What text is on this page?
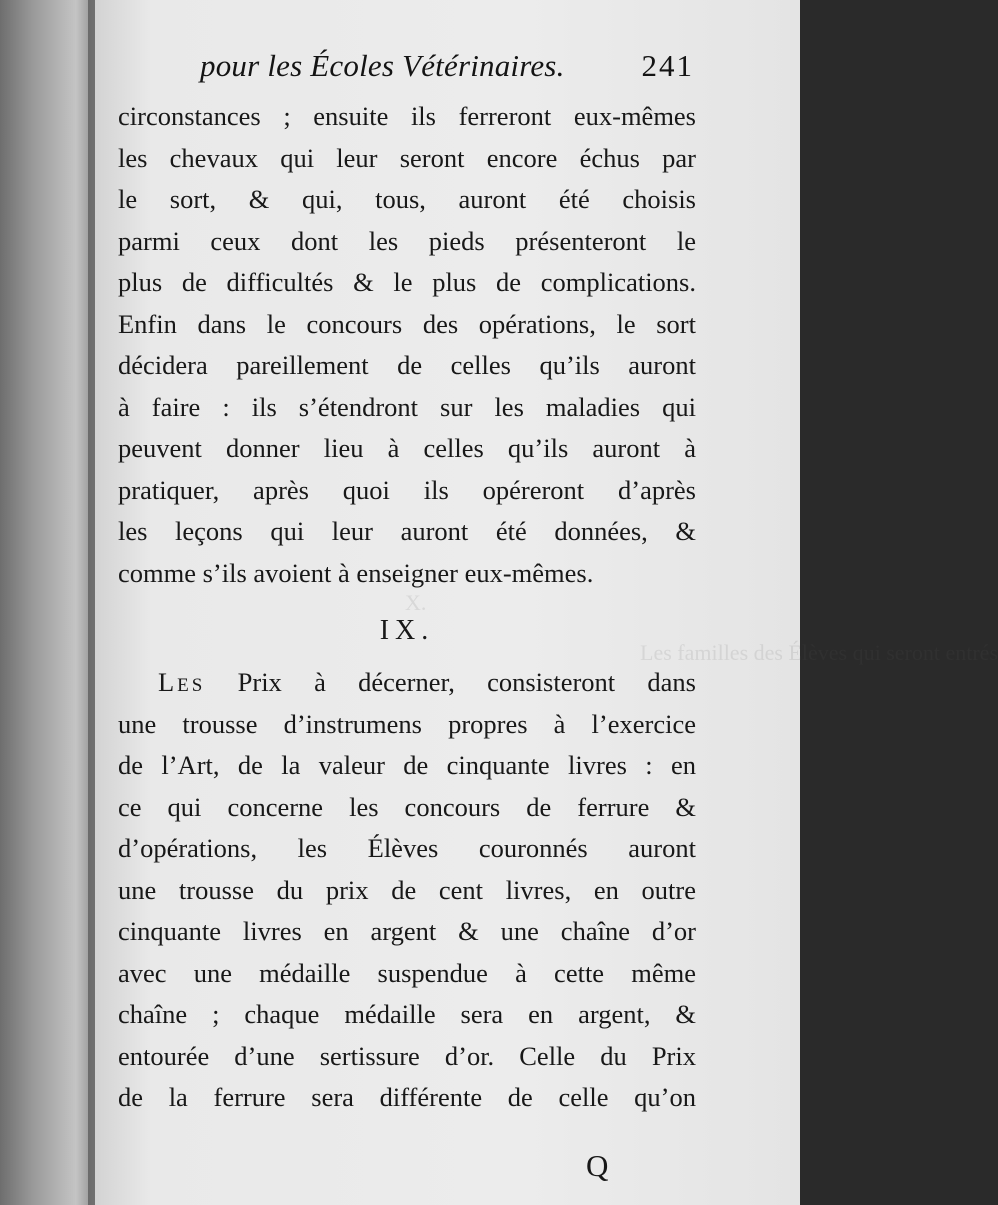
Les familles des Élèves qui seront entrés
X.
pour les Écoles Vétérinaires. 241
circonstances ; ensuite ils ferreront eux-mêmes
les chevaux qui leur seront encore échus par
le sort, & qui, tous, auront été choisis
parmi ceux dont les pieds présenteront le
plus de difficultés & le plus de complications.
Enfin dans le concours des opérations, le sort
décidera pareillement de celles qu’ils auront
à faire : ils s’étendront sur les maladies qui
peuvent donner lieu à celles qu’ils auront à
pratiquer, après quoi ils opéreront d’après
les leçons qui leur auront été données, &
comme s’ils avoient à enseigner eux-mêmes.
IX.
Les Prix à décerner, consisteront dans
une trousse d’instrumens propres à l’exercice
de l’Art, de la valeur de cinquante livres : en
ce qui concerne les concours de ferrure &
d’opérations, les Élèves couronnés auront
une trousse du prix de cent livres, en outre
cinquante livres en argent & une chaîne d’or
avec une médaille suspendue à cette même
chaîne ; chaque médaille sera en argent, &
entourée d’une sertissure d’or. Celle du Prix
de la ferrure sera différente de celle qu’on
Q
